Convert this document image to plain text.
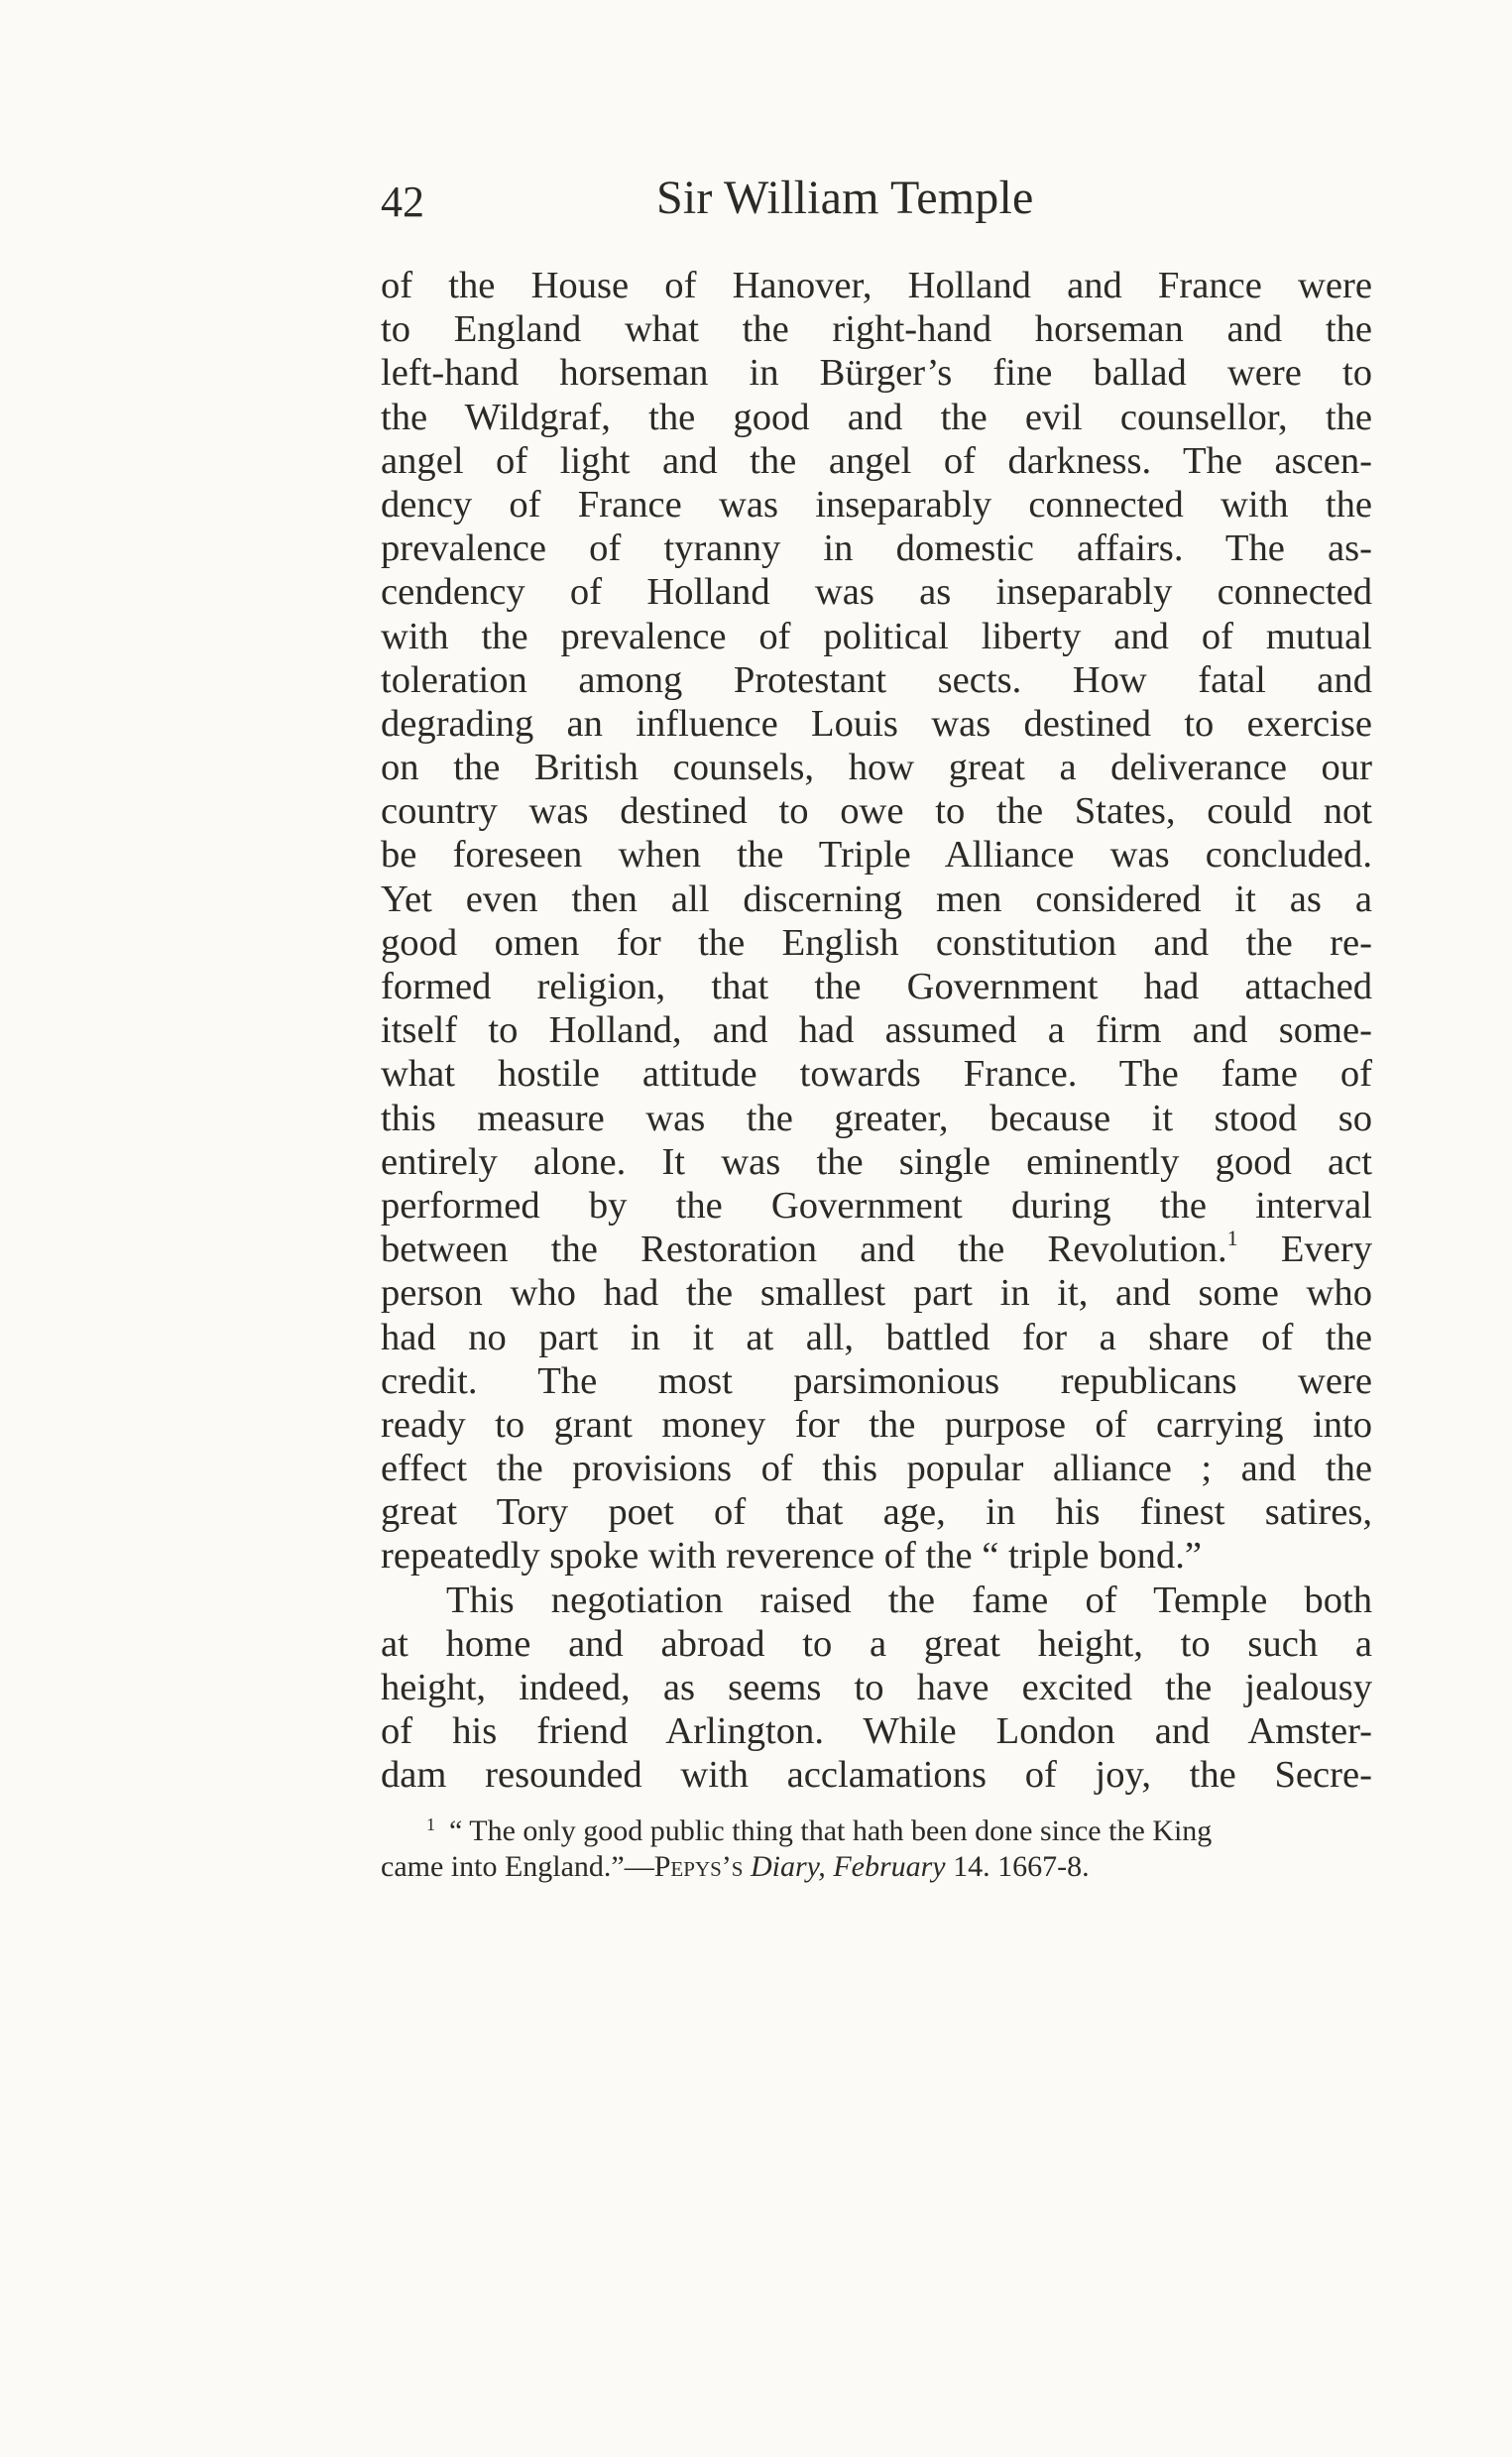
42	Sir William Temple
of the House of Hanover, Holland and France were
to England what the right-hand horseman and the
left-hand horseman in Bürger’s fine ballad were to
the Wildgraf, the good and the evil counsellor, the
angel of light and the angel of darkness. The ascen-
dency of France was inseparably connected with the
prevalence of tyranny in domestic affairs. The as-
cendency of Holland was as inseparably connected
with the prevalence of political liberty and of mutual
toleration among Protestant sects. How fatal and
degrading an influence Louis was destined to exercise
on the British counsels, how great a deliverance our
country was destined to owe to the States, could not
be foreseen when the Triple Alliance was concluded.
Yet even then all discerning men considered it as a
good omen for the English constitution and the re-
formed religion, that the Government had attached
itself to Holland, and had assumed a firm and some-
what hostile attitude towards France. The fame of
this measure was the greater, because it stood so
entirely alone. It was the single eminently good act
performed by the Government during the interval
between the Restoration and the Revolution.$^1$ Every
person who had the smallest part in it, and some who
had no part in it at all, battled for a share of the
credit. The most parsimonious republicans were
ready to grant money for the purpose of carrying into
effect the provisions of this popular alliance ; and the
great Tory poet of that age, in his finest satires,
repeatedly spoke with reverence of the “ triple bond.”
This negotiation raised the fame of Temple both
at home and abroad to a great height, to such a
height, indeed, as seems to have excited the jealousy
of his friend Arlington. While London and Amster-
dam resounded with acclamations of joy, the Secre-
$^1$ “ The only good public thing that hath been done since the King
came into England.”—Pepys’s Diary, February 14. 1667-8.
